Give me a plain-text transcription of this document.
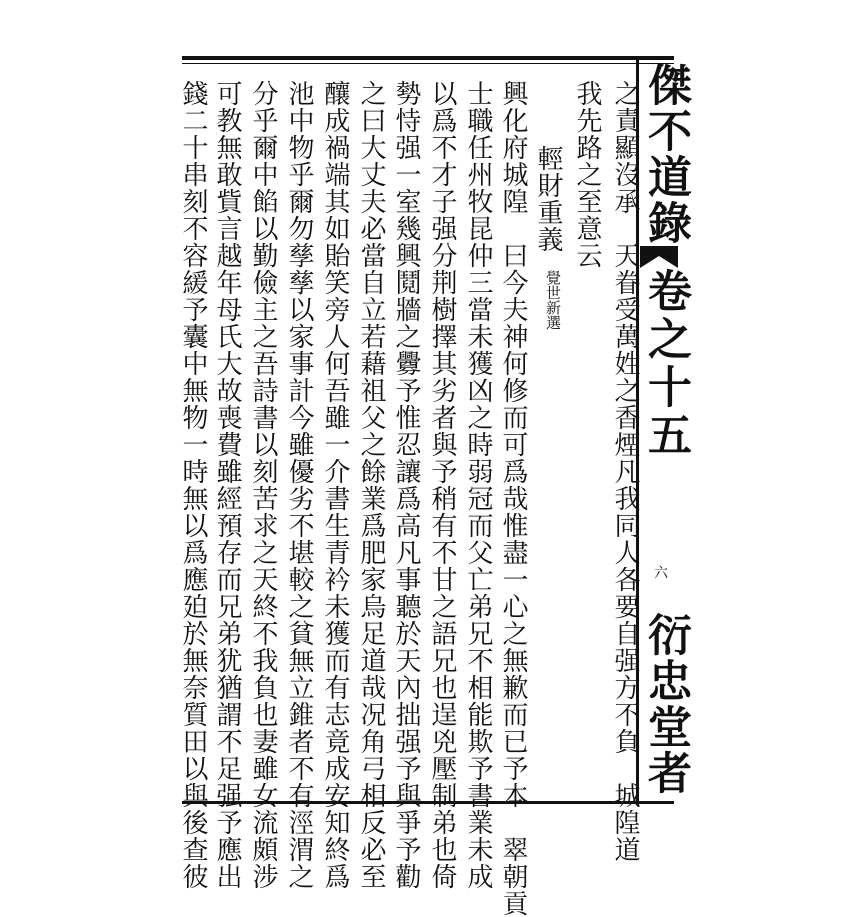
傑不道錄
卷之十五
六
衍忠堂者
之責顯沒承　天眷受萬姓之香煙凡我同人各要自强方不負　城隍道
我先路之至意云
輕財重義
覺世新選
興化府城隍　曰今夫神何修而可爲哉惟盡一心之無歉而已予本　翠朝貢
士職任州牧昆仲三當未獲凶之時弱冠而父亡弟兄不相能欺予書業未成
以爲不才子强分荆樹擇其劣者與予稍有不甘之語兄也逞兇壓制弟也倚
勢恃强一室幾興鬩牆之釁予惟忍讓爲高凡事聽於天內拙强予與爭予勸
之曰大丈夫必當自立若藉祖父之餘業爲肥家烏足道哉况角弓相反必至
釀成禍端其如貽笑旁人何吾雖一介書生青衿未獲而有志竟成安知終爲
池中物乎爾勿孳孳以家事計今雖優劣不堪較之貧無立錐者不有涇渭之
分乎爾中餡以勤儉主之吾詩書以刻苦求之天終不我負也妻雖女流頗涉
可教無敢貲言越年母氏大故喪費雖經預存而兄弟犹猶謂不足强予應出
錢二十串刻不容緩予囊中無物一時無以爲應廹於無奈質田以與後查彼
